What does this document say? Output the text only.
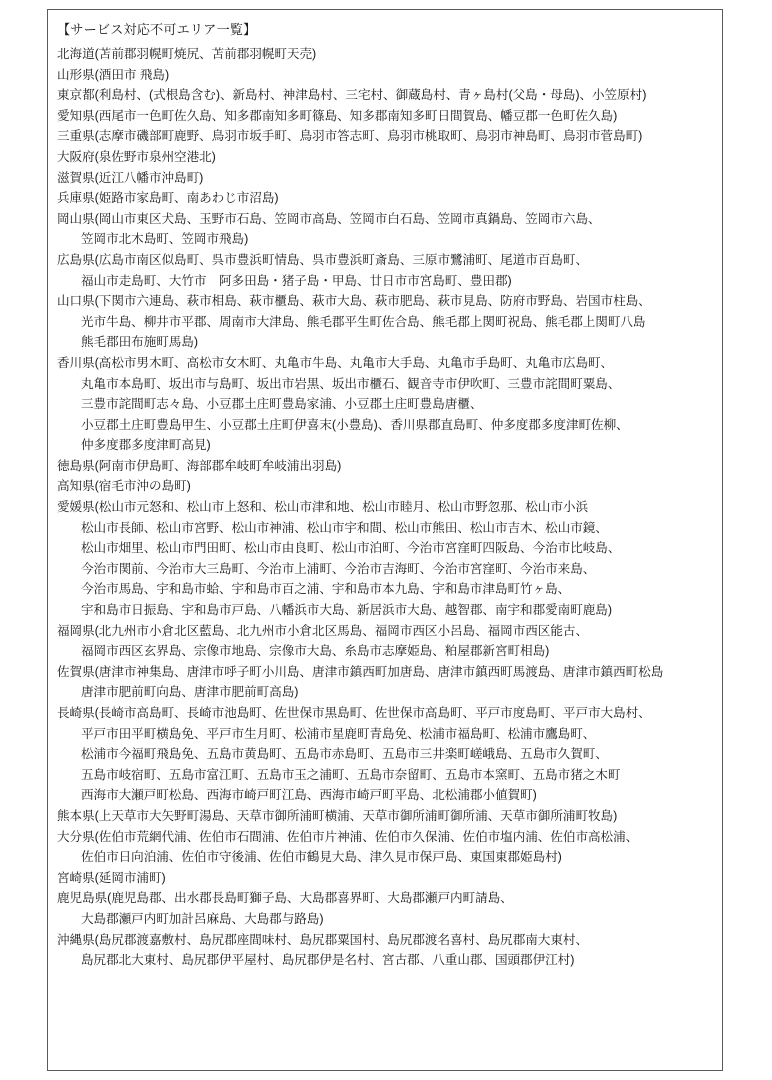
【サービス対応不可エリア一覧】
北海道(苫前郡羽幌町焼尻、苫前郡羽幌町天売)
山形県(酒田市 飛島)
東京都(利島村、(式根島含む)、新島村、神津島村、三宅村、御蔵島村、青ヶ島村(父島・母島)、小笠原村)
愛知県(西尾市一色町佐久島、知多郡南知多町篠島、知多郡南知多町日間賀島、幡豆郡一色町佐久島)
三重県(志摩市磯部町鹿野、鳥羽市坂手町、鳥羽市答志町、鳥羽市桃取町、鳥羽市神島町、鳥羽市菅島町)
大阪府(泉佐野市泉州空港北)
滋賀県(近江八幡市沖島町)
兵庫県(姫路市家島町、南あわじ市沼島)
岡山県(岡山市東区犬島、玉野市石島、笠岡市高島、笠岡市白石島、笠岡市真鍋島、笠岡市六島、
笠岡市北木島町、笠岡市飛島)
広島県(広島市南区似島町、呉市豊浜町情島、呉市豊浜町斎島、三原市鷺浦町、尾道市百島町、
福山市走島町、大竹市　阿多田島・猪子島・甲島、廿日市市宮島町、豊田郡)
山口県(下関市六連島、萩市相島、萩市櫃島、萩市大島、萩市肥島、萩市見島、防府市野島、岩国市柱島、
光市牛島、柳井市平郡、周南市大津島、熊毛郡平生町佐合島、熊毛郡上関町祝島、熊毛郡上関町八島
熊毛郡田布施町馬島)
香川県(高松市男木町、高松市女木町、丸亀市牛島、丸亀市大手島、丸亀市手島町、丸亀市広島町、
丸亀市本島町、坂出市与島町、坂出市岩黒、坂出市櫃石、観音寺市伊吹町、三豊市詫間町粟島、
三豊市詫間町志々島、小豆郡土庄町豊島家浦、小豆郡土庄町豊島唐櫃、
小豆郡土庄町豊島甲生、小豆郡土庄町伊喜末(小豊島)、香川県郡直島町、仲多度郡多度津町佐柳、
仲多度郡多度津町高見)
徳島県(阿南市伊島町、海部郡牟岐町牟岐浦出羽島)
高知県(宿毛市沖の島町)
愛媛県(松山市元怒和、松山市上怒和、松山市津和地、松山市睦月、松山市野忽那、松山市小浜
松山市長師、松山市宮野、松山市神浦、松山市宇和間、松山市熊田、松山市吉木、松山市鏡、
松山市畑里、松山市門田町、松山市由良町、松山市泊町、今治市宮窪町四阪島、今治市比岐島、
今治市関前、今治市大三島町、今治市上浦町、今治市吉海町、今治市宮窪町、今治市来島、
今治市馬島、宇和島市蛤、宇和島市百之浦、宇和島市本九島、宇和島市津島町竹ヶ島、
宇和島市日振島、宇和島市戸島、八幡浜市大島、新居浜市大島、越智郡、南宇和郡愛南町鹿島)
福岡県(北九州市小倉北区藍島、北九州市小倉北区馬島、福岡市西区小呂島、福岡市西区能古、
福岡市西区玄界島、宗像市地島、宗像市大島、糸島市志摩姫島、粕屋郡新宮町相島)
佐賀県(唐津市神集島、唐津市呼子町小川島、唐津市鎮西町加唐島、唐津市鎮西町馬渡島、唐津市鎮西町松島
唐津市肥前町向島、唐津市肥前町高島)
長崎県(長崎市高島町、長崎市池島町、佐世保市黒島町、佐世保市高島町、平戸市度島町、平戸市大島村、
平戸市田平町横島免、平戸市生月町、松浦市星鹿町青島免、松浦市福島町、松浦市鷹島町、
松浦市今福町飛島免、五島市黄島町、五島市赤島町、五島市三井楽町嵯峨島、五島市久賀町、
五島市岐宿町、五島市富江町、五島市玉之浦町、五島市奈留町、五島市本窯町、五島市猪之木町
西海市大瀬戸町松島、西海市崎戸町江島、西海市崎戸町平島、北松浦郡小値賀町)
熊本県(上天草市大矢野町湯島、天草市御所浦町横浦、天草市御所浦町御所浦、天草市御所浦町牧島)
大分県(佐伯市荒網代浦、佐伯市石間浦、佐伯市片神浦、佐伯市久保浦、佐伯市塩内浦、佐伯市高松浦、
佐伯市日向泊浦、佐伯市守後浦、佐伯市鶴見大島、津久見市保戸島、東国東郡姫島村)
宮崎県(延岡市浦町)
鹿児島県(鹿児島郡、出水郡長島町獅子島、大島郡喜界町、大島郡瀬戸内町請島、
大島郡瀬戸内町加計呂麻島、大島郡与路島)
沖縄県(島尻郡渡嘉敷村、島尻郡座間味村、島尻郡粟国村、島尻郡渡名喜村、島尻郡南大東村、
島尻郡北大東村、島尻郡伊平屋村、島尻郡伊是名村、宮古郡、八重山郡、国頭郡伊江村)
